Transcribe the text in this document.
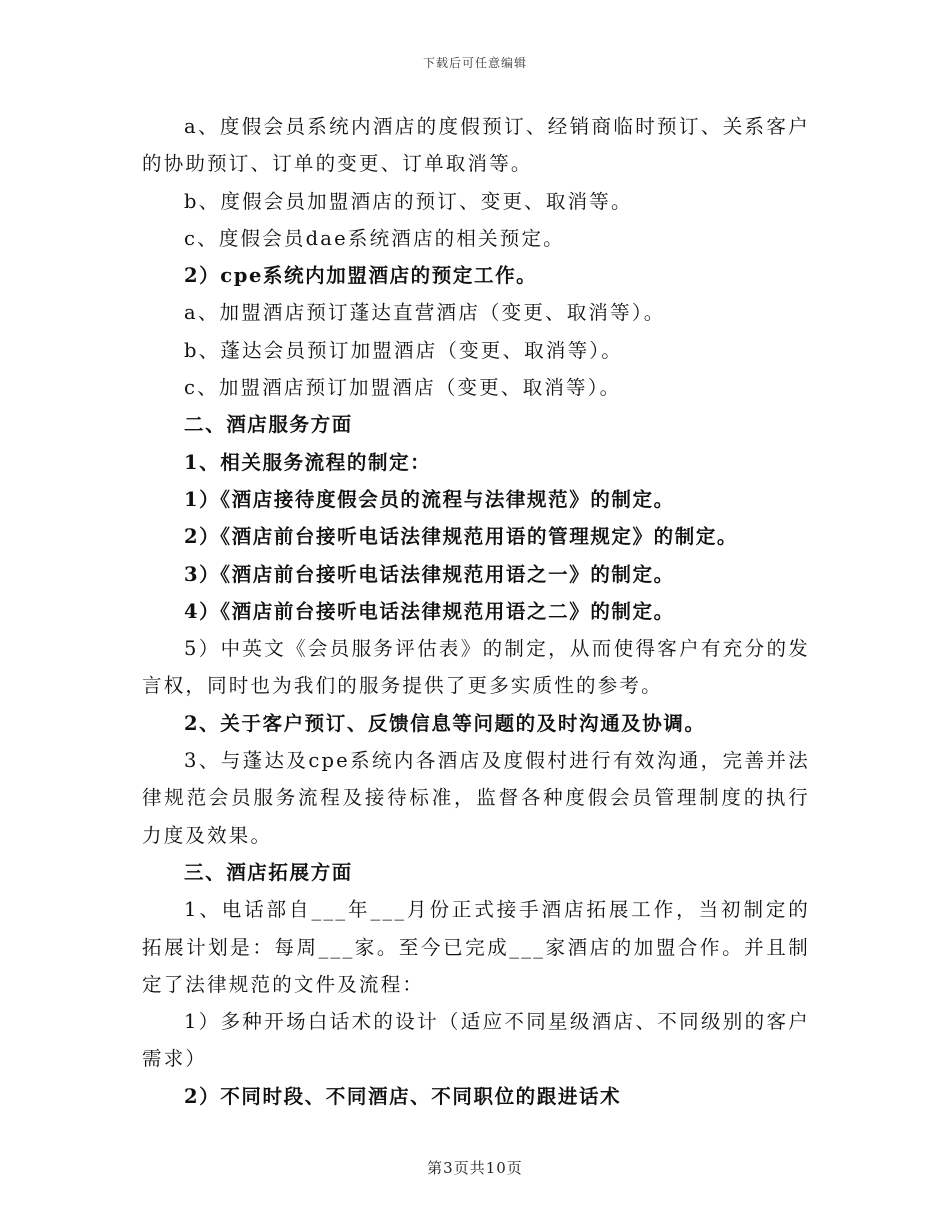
下载后可任意编辑

a、度假会员系统内酒店的度假预订、经销商临时预订、关系客户的协助预订、订单的变更、订单取消等。

b、度假会员加盟酒店的预订、变更、取消等。

c、度假会员dae系统酒店的相关预定。

2）cpe系统内加盟酒店的预定工作。

a、加盟酒店预订蓬达直营酒店（变更、取消等）。

b、蓬达会员预订加盟酒店（变更、取消等）。

c、加盟酒店预订加盟酒店（变更、取消等）。

二、酒店服务方面

1、相关服务流程的制定：

1）《酒店接待度假会员的流程与法律规范》的制定。

2）《酒店前台接听电话法律规范用语的管理规定》的制定。

3）《酒店前台接听电话法律规范用语之一》的制定。

4）《酒店前台接听电话法律规范用语之二》的制定。

5）中英文《会员服务评估表》的制定，从而使得客户有充分的发言权，同时也为我们的服务提供了更多实质性的参考。

2、关于客户预订、反馈信息等问题的及时沟通及协调。

3、与蓬达及cpe系统内各酒店及度假村进行有效沟通，完善并法律规范会员服务流程及接待标准，监督各种度假会员管理制度的执行力度及效果。

三、酒店拓展方面

1、电话部自___年___月份正式接手酒店拓展工作，当初制定的拓展计划是：每周___家。至今已完成___家酒店的加盟合作。并且制定了法律规范的文件及流程：

1）多种开场白话术的设计（适应不同星级酒店、不同级别的客户需求）

2）不同时段、不同酒店、不同职位的跟进话术

第3页共10页
